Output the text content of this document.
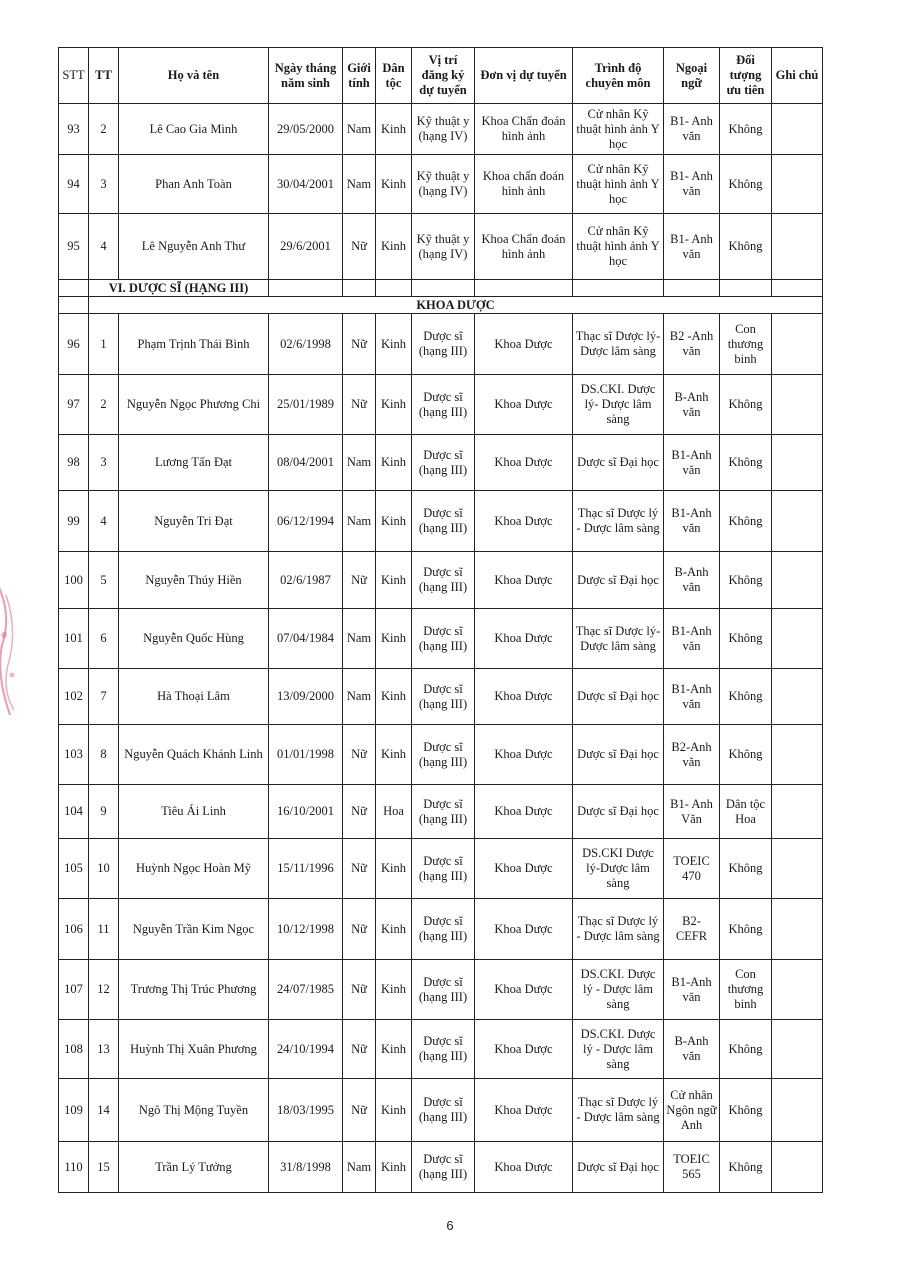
STT	TT	Họ và tên	Ngày tháng năm sinh	Giới tính	Dân tộc	Vị trí đăng ký dự tuyển	Đơn vị dự tuyển	Trình độ chuyên môn	Ngoại ngữ	Đối tượng ưu tiên	Ghi chú
93	2	Lê Cao Gia Minh	29/05/2000	Nam	Kinh	Kỹ thuật y (hạng IV)	Khoa Chẩn đoán hình ảnh	Cử nhân Kỹ thuật hình ảnh Y học	B1- Anh văn	Không	
94	3	Phan Anh Toàn	30/04/2001	Nam	Kinh	Kỹ thuật y (hạng IV)	Khoa chẩn đoán hình ảnh	Cử nhân Kỹ thuật hình ảnh Y học	B1- Anh văn	Không	
95	4	Lê Nguyễn Anh Thư	29/6/2001	Nữ	Kinh	Kỹ thuật y (hạng IV)	Khoa Chẩn đoán hình ảnh	Cử nhân Kỹ thuật hình ảnh Y học	B1- Anh văn	Không	
	VI. DƯỢC SĨ (HẠNG III)										
	KHOA DƯỢC										
96	1	Phạm Trịnh Thái Bình	02/6/1998	Nữ	Kinh	Dược sĩ (hạng III)	Khoa Dược	Thạc sĩ Dược lý- Dược lâm sàng	B2 -Anh văn	Con thương binh	
97	2	Nguyễn Ngọc Phương Chi	25/01/1989	Nữ	Kinh	Dược sĩ (hạng III)	Khoa Dược	DS.CKI. Dược lý- Dược lâm sàng	B-Anh văn	Không	
98	3	Lương Tấn Đạt	08/04/2001	Nam	Kinh	Dược sĩ (hạng III)	Khoa Dược	Dược sĩ Đại học	B1-Anh văn	Không	
99	4	Nguyễn Tri Đạt	06/12/1994	Nam	Kinh	Dược sĩ (hạng III)	Khoa Dược	Thạc sĩ Dược lý - Dược lâm sàng	B1-Anh văn	Không	
100	5	Nguyễn Thúy Hiền	02/6/1987	Nữ	Kinh	Dược sĩ (hạng III)	Khoa Dược	Dược sĩ Đại học	B-Anh văn	Không	
101	6	Nguyễn Quốc Hùng	07/04/1984	Nam	Kinh	Dược sĩ (hạng III)	Khoa Dược	Thạc sĩ Dược lý- Dược lâm sàng	B1-Anh văn	Không	
102	7	Hà Thoại Lâm	13/09/2000	Nam	Kinh	Dược sĩ (hạng III)	Khoa Dược	Dược sĩ Đại học	B1-Anh văn	Không	
103	8	Nguyễn Quách Khánh Linh	01/01/1998	Nữ	Kinh	Dược sĩ (hạng III)	Khoa Dược	Dược sĩ Đại học	B2-Anh văn	Không	
104	9	Tiêu Ái Linh	16/10/2001	Nữ	Hoa	Dược sĩ (hạng III)	Khoa Dược	Dược sĩ Đại học	B1- Anh Văn	Dân tộc Hoa	
105	10	Huỳnh Ngọc Hoàn Mỹ	15/11/1996	Nữ	Kinh	Dược sĩ (hạng III)	Khoa Dược	DS.CKI Dược lý-Dược lâm sàng	TOEIC 470	Không	
106	11	Nguyễn Trần Kim Ngọc	10/12/1998	Nữ	Kinh	Dược sĩ (hạng III)	Khoa Dược	Thạc sĩ Dược lý - Dược lâm sàng	B2- CEFR	Không	
107	12	Trương Thị Trúc Phương	24/07/1985	Nữ	Kinh	Dược sĩ (hạng III)	Khoa Dược	DS.CKI. Dược lý - Dược lâm sàng	B1-Anh văn	Con thương binh	
108	13	Huỳnh Thị Xuân Phương	24/10/1994	Nữ	Kinh	Dược sĩ (hạng III)	Khoa Dược	DS.CKI. Dược lý - Dược lâm sàng	B-Anh văn	Không	
109	14	Ngô Thị Mộng Tuyền	18/03/1995	Nữ	Kinh	Dược sĩ (hạng III)	Khoa Dược	Thạc sĩ Dược lý - Dược lâm sàng	Cử nhân Ngôn ngữ Anh	Không	
110	15	Trần Lý Tưởng	31/8/1998	Nam	Kinh	Dược sĩ (hạng III)	Khoa Dược	Dược sĩ Đại học	TOEIC 565	Không	
6
